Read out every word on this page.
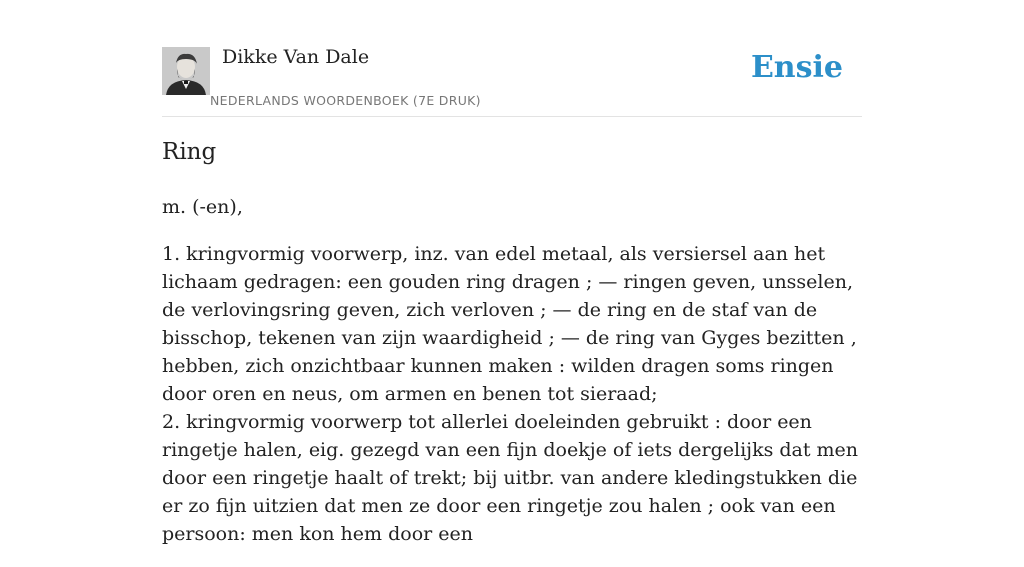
Dikke Van Dale
NEDERLANDS WOORDENBOEK (7E DRUK)
Ensie
Ring

m. (-en),

1. kringvormig voorwerp, inz. van edel metaal, als versiersel aan het lichaam gedragen: een gouden ring dragen ; — ringen geven, unsselen, de verlovingsring geven, zich verloven ; — de ring en de staf van de bisschop, tekenen van zijn waardigheid ; — de ring van Gyges bezitten , hebben, zich onzichtbaar kunnen maken : wilden dragen soms ringen door oren en neus, om armen en benen tot sieraad;
2. kringvormig voorwerp tot allerlei doeleinden gebruikt : door een ringetje halen, eig. gezegd van een fijn doekje of iets dergelijks dat men door een ringetje haalt of trekt; bij uitbr. van andere kledingstukken die er zo fijn uitzien dat men ze door een ringetje zou halen ; ook van een persoon: men kon hem door een
